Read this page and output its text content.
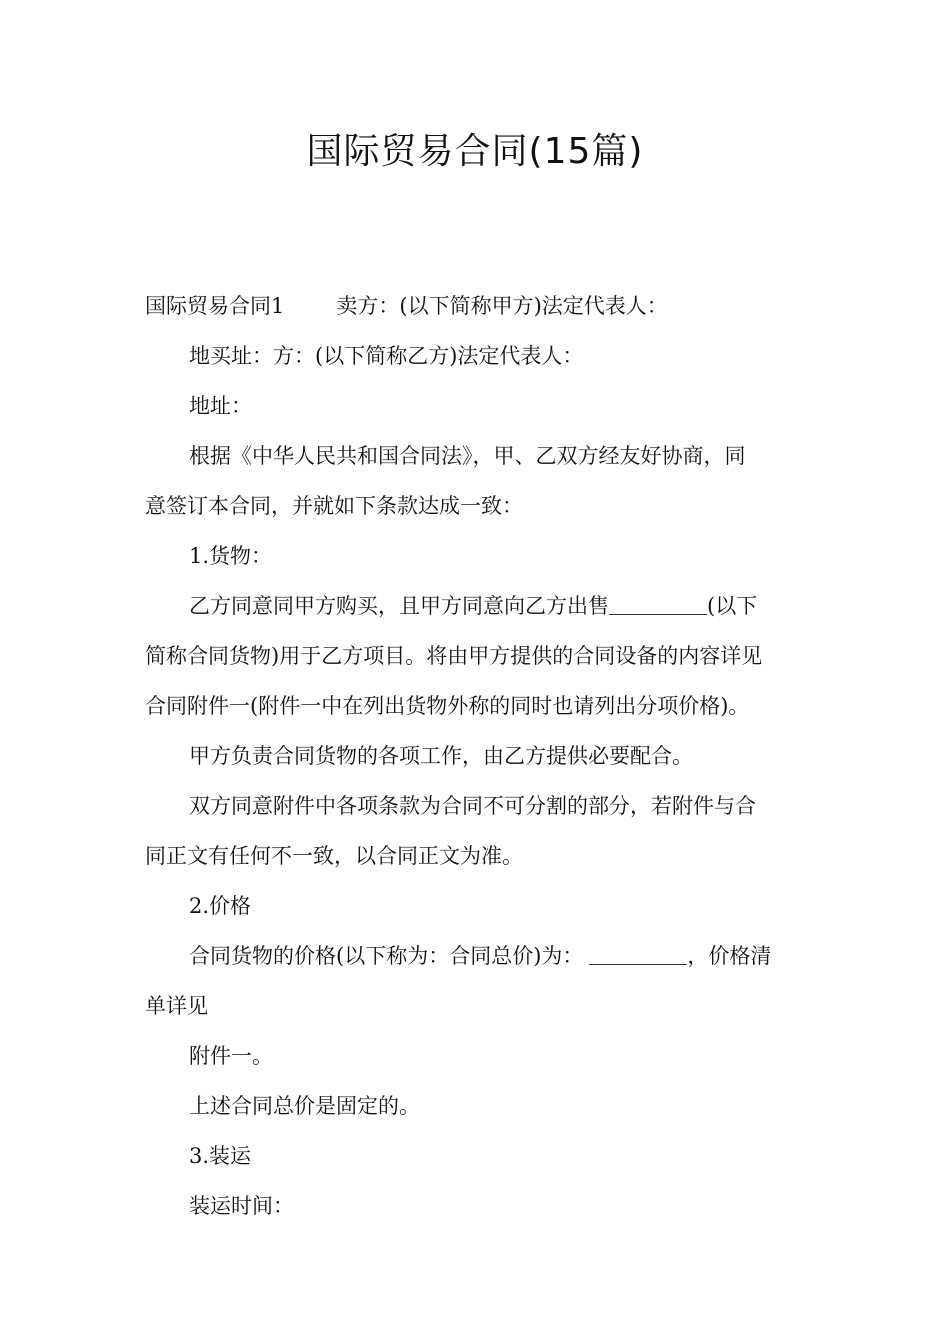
国际贸易合同(15篇)

国际贸易合同1 卖方：(以下简称甲方)法定代表人：

地买址：方：(以下简称乙方)法定代表人：

地址：

根据《中华人民共和国合同法》，甲、乙双方经友好协商，同

意签订本合同，并就如下条款达成一致：

1.货物：

乙方同意同甲方购买，且甲方同意向乙方出售	(以下

简称合同货物)用于乙方项目。将由甲方提供的合同设备的内容详见

合同附件一(附件一中在列出货物外称的同时也请列出分项价格)。

甲方负责合同货物的各项工作，由乙方提供必要配合。

双方同意附件中各项条款为合同不可分割的部分，若附件与合

同正文有任何不一致，以合同正文为准。

2.价格

合同货物的价格(以下称为：合同总价)为：	，价格清

单详见

附件一。

上述合同总价是固定的。

3.装运

装运时间：
